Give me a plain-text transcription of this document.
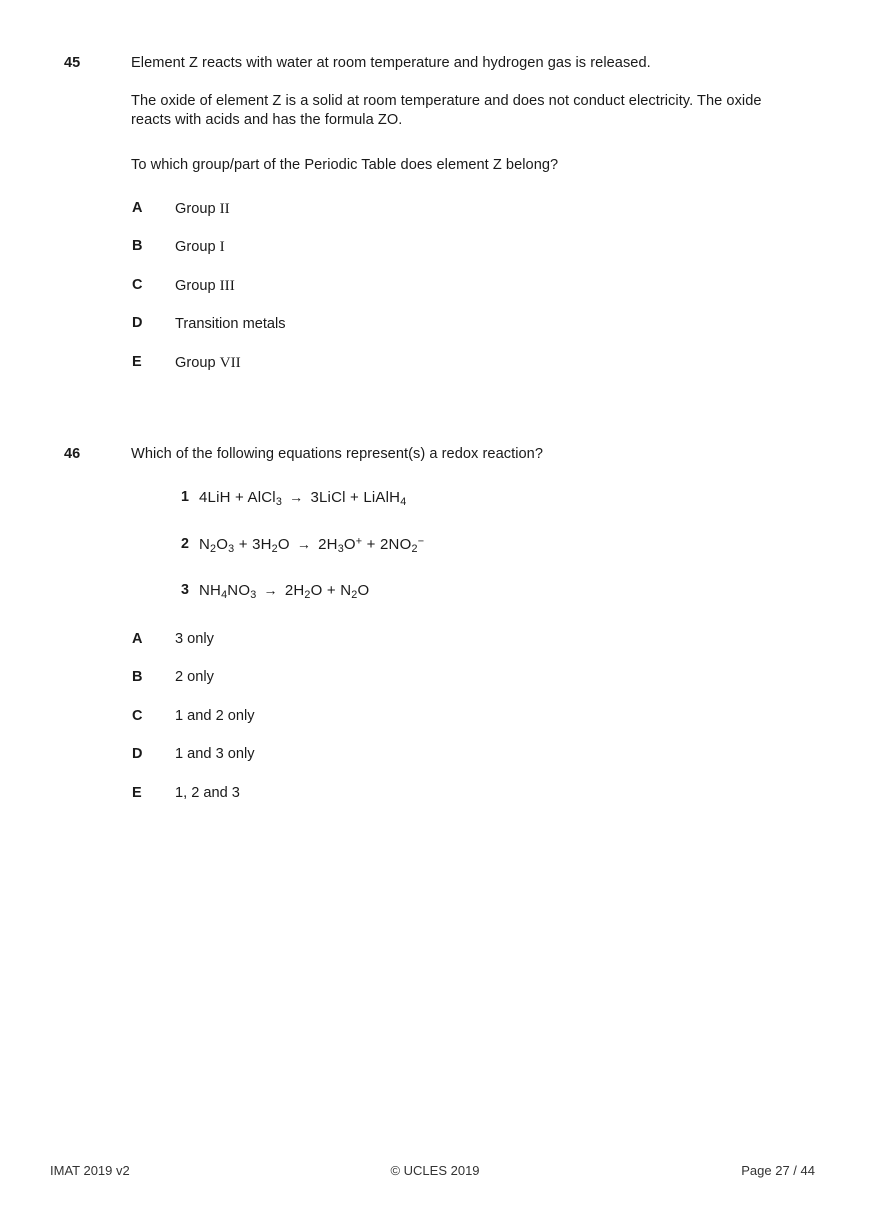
45	Element Z reacts with water at room temperature and hydrogen gas is released.

The oxide of element Z is a solid at room temperature and does not conduct electricity. The oxide reacts with acids and has the formula ZO.

To which group/part of the Periodic Table does element Z belong?

A Group II
B Group I
C Group III
D Transition metals
E Group VII
46	Which of the following equations represent(s) a redox reaction?

1 4LiH + AlCl$_3$ → 3LiCl + LiAlH$_4$
2 $N_2O_3 + 3H_2O \to 2H_3O^+ + 2NO_2^-$
3 $NH_4NO_3 \to 2H_2O + N_2O$
A 3 only
B 2 only
C 1 and 2 only
D 1 and 3 only
E 1, 2 and 3
IMAT 2019 v2	© UCLES 2019	Page 27 / 44
